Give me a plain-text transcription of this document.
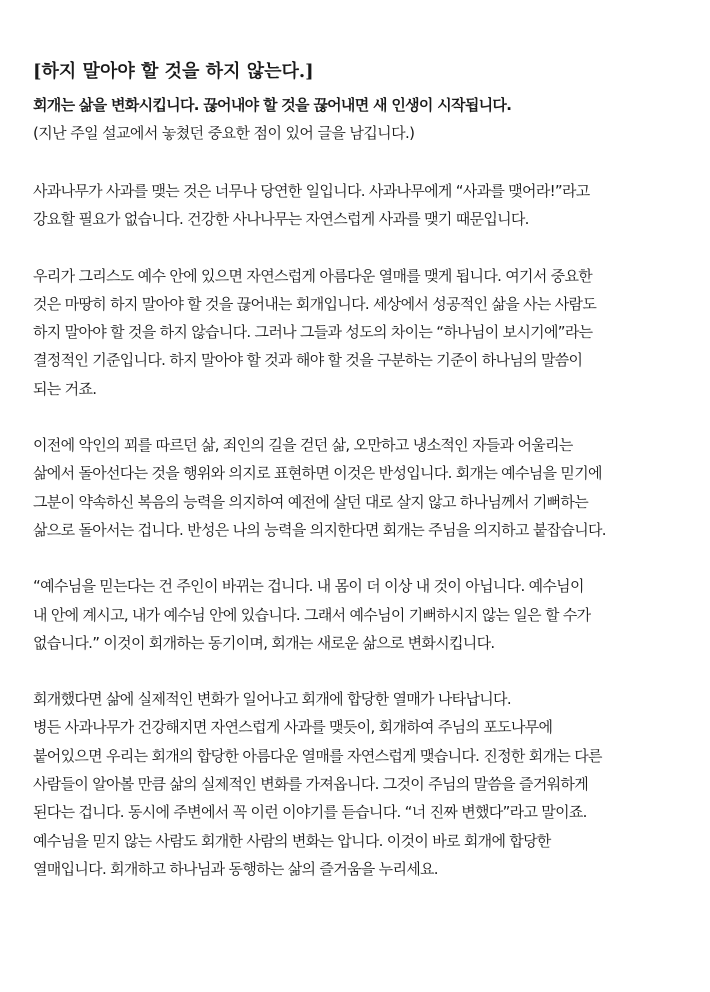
[하지 말아야 할 것을 하지 않는다.]
회개는 삶을 변화시킵니다. 끊어내야 할 것을 끊어내면 새 인생이 시작됩니다.
(지난 주일 설교에서 놓쳤던 중요한 점이 있어 글을 남깁니다.)
사과나무가 사과를 맺는 것은 너무나 당연한 일입니다. 사과나무에게 “사과를 맺어라!”라고
강요할 필요가 없습니다. 건강한 사나나무는 자연스럽게 사과를 맺기 때문입니다.
우리가 그리스도 예수 안에 있으면 자연스럽게 아름다운 열매를 맺게 됩니다. 여기서 중요한
것은 마땅히 하지 말아야 할 것을 끊어내는 회개입니다. 세상에서 성공적인 삶을 사는 사람도
하지 말아야 할 것을 하지 않습니다. 그러나 그들과 성도의 차이는 “하나님이 보시기에”라는
결정적인 기준입니다. 하지 말아야 할 것과 해야 할 것을 구분하는 기준이 하나님의 말씀이
되는 거죠.
이전에 악인의 꾀를 따르던 삶, 죄인의 길을 걷던 삶, 오만하고 냉소적인 자들과 어울리는
삶에서 돌아선다는 것을 행위와 의지로 표현하면 이것은 반성입니다. 회개는 예수님을 믿기에
그분이 약속하신 복음의 능력을 의지하여 예전에 살던 대로 살지 않고 하나님께서 기뻐하는
삶으로 돌아서는 겁니다. 반성은 나의 능력을 의지한다면 회개는 주님을 의지하고 붙잡습니다.
“예수님을 믿는다는 건 주인이 바뀌는 겁니다. 내 몸이 더 이상 내 것이 아닙니다. 예수님이
내 안에 계시고, 내가 예수님 안에 있습니다. 그래서 예수님이 기뻐하시지 않는 일은 할 수가
없습니다.” 이것이 회개하는 동기이며, 회개는 새로운 삶으로 변화시킵니다.
회개했다면 삶에 실제적인 변화가 일어나고 회개에 합당한 열매가 나타납니다.
병든 사과나무가 건강해지면 자연스럽게 사과를 맺듯이, 회개하여 주님의 포도나무에
붙어있으면 우리는 회개의 합당한 아름다운 열매를 자연스럽게 맺습니다. 진정한 회개는 다른
사람들이 알아볼 만큼 삶의 실제적인 변화를 가져옵니다. 그것이 주님의 말씀을 즐거워하게
된다는 겁니다. 동시에 주변에서 꼭 이런 이야기를 듣습니다. “너 진짜 변했다”라고 말이죠.
예수님을 믿지 않는 사람도 회개한 사람의 변화는 압니다. 이것이 바로 회개에 합당한
열매입니다. 회개하고 하나님과 동행하는 삶의 즐거움을 누리세요.
